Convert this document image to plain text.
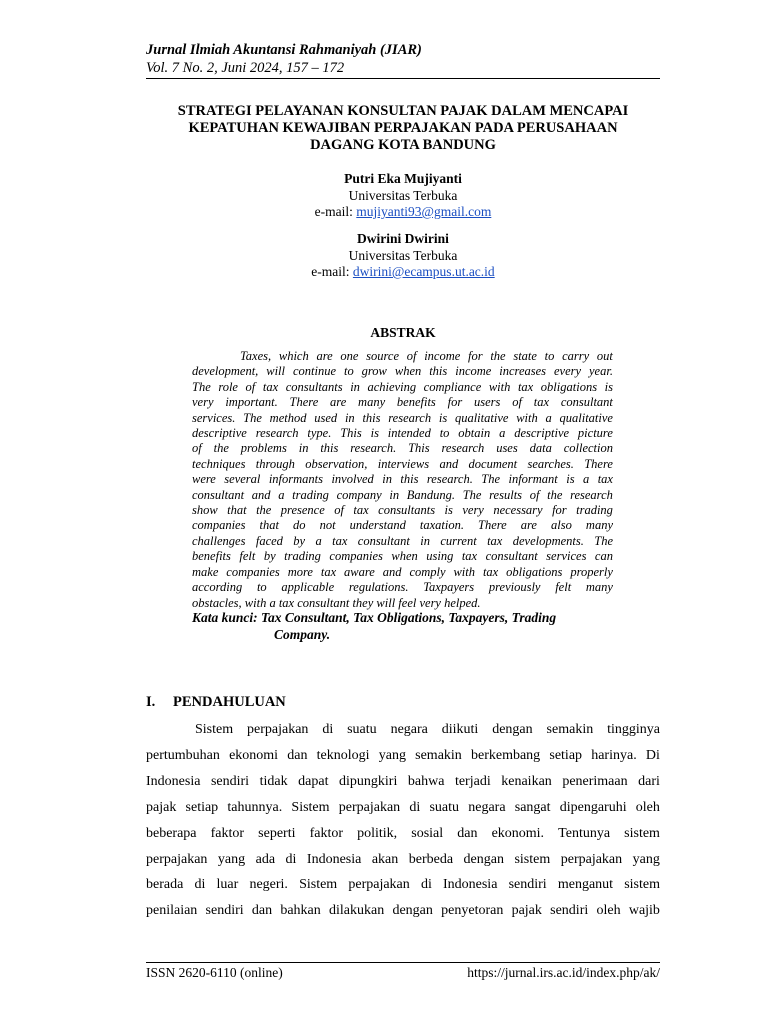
Jurnal Ilmiah Akuntansi Rahmaniyah (JIAR)
Vol. 7 No. 2, Juni 2024, 157 – 172
STRATEGI PELAYANAN KONSULTAN PAJAK DALAM MENCAPAI
KEPATUHAN KEWAJIBAN PERPAJAKAN PADA PERUSAHAAN
DAGANG KOTA BANDUNG
Putri Eka Mujiyanti
Universitas Terbuka
e-mail: mujiyanti93@gmail.com
Dwirini Dwirini
Universitas Terbuka
e-mail: dwirini@ecampus.ut.ac.id
ABSTRAK
Taxes, which are one source of income for the state to carry out
development, will continue to grow when this income increases every year.
The role of tax consultants in achieving compliance with tax obligations is
very important. There are many benefits for users of tax consultant
services. The method used in this research is qualitative with a qualitative
descriptive research type. This is intended to obtain a descriptive picture
of the problems in this research. This research uses data collection
techniques through observation, interviews and document searches. There
were several informants involved in this research. The informant is a tax
consultant and a trading company in Bandung. The results of the research
show that the presence of tax consultants is very necessary for trading
companies that do not understand taxation. There are also many
challenges faced by a tax consultant in current tax developments. The
benefits felt by trading companies when using tax consultant services can
make companies more tax aware and comply with tax obligations properly
according to applicable regulations. Taxpayers previously felt many
obstacles, with a tax consultant they will feel very helped.
Kata kunci: Tax Consultant, Tax Obligations, Taxpayers, Trading
Company.
I.	PENDAHULUAN
Sistem perpajakan di suatu negara diikuti dengan semakin tingginya
pertumbuhan ekonomi dan teknologi yang semakin berkembang setiap harinya. Di
Indonesia sendiri tidak dapat dipungkiri bahwa terjadi kenaikan penerimaan dari
pajak setiap tahunnya. Sistem perpajakan di suatu negara sangat dipengaruhi oleh
beberapa faktor seperti faktor politik, sosial dan ekonomi. Tentunya sistem
perpajakan yang ada di Indonesia akan berbeda dengan sistem perpajakan yang
berada di luar negeri. Sistem perpajakan di Indonesia sendiri menganut sistem
penilaian sendiri dan bahkan dilakukan dengan penyetoran pajak sendiri oleh wajib
ISSN 2620-6110 (online)	https://jurnal.irs.ac.id/index.php/ak/
